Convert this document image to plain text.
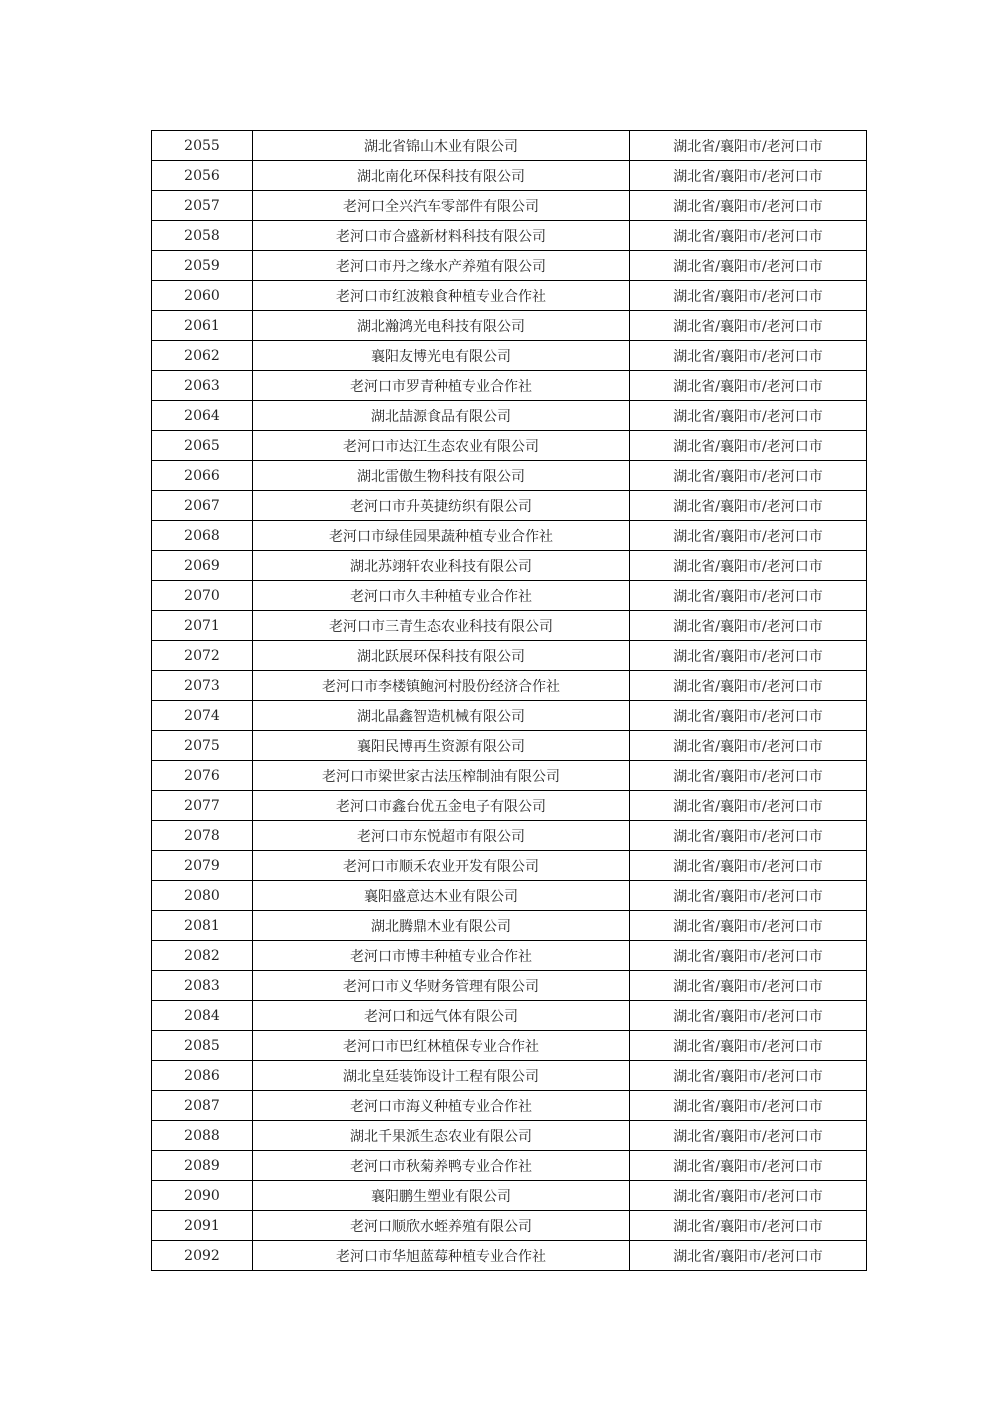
2055	湖北省锦山木业有限公司	湖北省/襄阳市/老河口市
2056	湖北南化环保科技有限公司	湖北省/襄阳市/老河口市
2057	老河口全兴汽车零部件有限公司	湖北省/襄阳市/老河口市
2058	老河口市合盛新材料科技有限公司	湖北省/襄阳市/老河口市
2059	老河口市丹之缘水产养殖有限公司	湖北省/襄阳市/老河口市
2060	老河口市红波粮食种植专业合作社	湖北省/襄阳市/老河口市
2061	湖北瀚鸿光电科技有限公司	湖北省/襄阳市/老河口市
2062	襄阳友博光电有限公司	湖北省/襄阳市/老河口市
2063	老河口市罗青种植专业合作社	湖北省/襄阳市/老河口市
2064	湖北喆源食品有限公司	湖北省/襄阳市/老河口市
2065	老河口市达江生态农业有限公司	湖北省/襄阳市/老河口市
2066	湖北雷傲生物科技有限公司	湖北省/襄阳市/老河口市
2067	老河口市升英捷纺织有限公司	湖北省/襄阳市/老河口市
2068	老河口市绿佳园果蔬种植专业合作社	湖北省/襄阳市/老河口市
2069	湖北苏翊轩农业科技有限公司	湖北省/襄阳市/老河口市
2070	老河口市久丰种植专业合作社	湖北省/襄阳市/老河口市
2071	老河口市三青生态农业科技有限公司	湖北省/襄阳市/老河口市
2072	湖北跃展环保科技有限公司	湖北省/襄阳市/老河口市
2073	老河口市李楼镇鲍河村股份经济合作社	湖北省/襄阳市/老河口市
2074	湖北晶鑫智造机械有限公司	湖北省/襄阳市/老河口市
2075	襄阳民博再生资源有限公司	湖北省/襄阳市/老河口市
2076	老河口市梁世家古法压榨制油有限公司	湖北省/襄阳市/老河口市
2077	老河口市鑫台优五金电子有限公司	湖北省/襄阳市/老河口市
2078	老河口市东悦超市有限公司	湖北省/襄阳市/老河口市
2079	老河口市顺禾农业开发有限公司	湖北省/襄阳市/老河口市
2080	襄阳盛意达木业有限公司	湖北省/襄阳市/老河口市
2081	湖北腾鼎木业有限公司	湖北省/襄阳市/老河口市
2082	老河口市博丰种植专业合作社	湖北省/襄阳市/老河口市
2083	老河口市义华财务管理有限公司	湖北省/襄阳市/老河口市
2084	老河口和远气体有限公司	湖北省/襄阳市/老河口市
2085	老河口市巴红林植保专业合作社	湖北省/襄阳市/老河口市
2086	湖北皇廷装饰设计工程有限公司	湖北省/襄阳市/老河口市
2087	老河口市海义种植专业合作社	湖北省/襄阳市/老河口市
2088	湖北千果派生态农业有限公司	湖北省/襄阳市/老河口市
2089	老河口市秋菊养鸭专业合作社	湖北省/襄阳市/老河口市
2090	襄阳鹏生塑业有限公司	湖北省/襄阳市/老河口市
2091	老河口顺欣水蛭养殖有限公司	湖北省/襄阳市/老河口市
2092	老河口市华旭蓝莓种植专业合作社	湖北省/襄阳市/老河口市
